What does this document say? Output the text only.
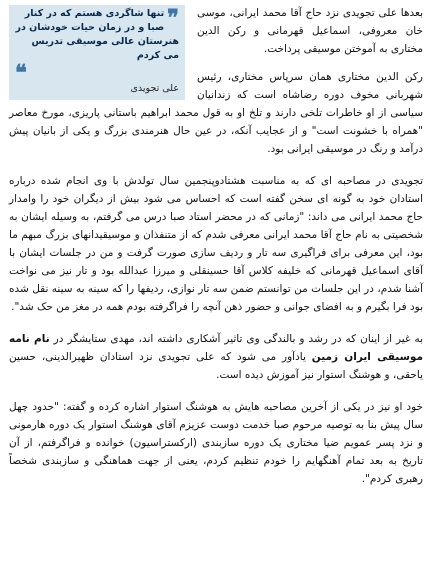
❞

تنها شاگردی هستم که در کنار صبا و در زمان حیات خودشان در هنرستان عالی موسیقی تدریس می کردم

❝
علی تجویدی

بعدها علی تجویدی نزد حاج آقا محمد ایرانی، موسی خان معروفی، اسماعیل قهرمانی و رکن الدین مختاری به آموختن موسیقی پرداخت.

رکن الدین مختاری همان سرپاس مختاری، رئیس شهربانی مخوف دوره رضاشاه است که زندانیان سیاسی از او خاطرات تلخی دارند و تلخ او به قول محمد ابراهیم باستانی پاریزی، مورخ معاصر "همراه با خشونت است" و از عجایب آنکه، در عین حال هنرمندی بزرگ و یکی از بانیان پیش درآمد و رنگ در موسیقی ایرانی بود.

تجویدی در مصاحبه ای که به مناسبت هشتادوپنجمین سال تولدش با وی انجام شده درباره استادان خود به گونه ای سخن گفته است که احساس می شود بیش از دیگران خود را وامدار حاج محمد ایرانی می داند: "زمانی که در محضر استاد صبا درس می گرفتم، به وسیله ایشان به شخصیتی به نام حاج آقا محمد ایرانی معرفی شدم که از متنفذان و موسیقیدانهای بزرگ مبهم ما بود، این معرفی برای فراگیری سه تار و ردیف سازی صورت گرفت و من در جلسات ایشان با آقای اسماعیل قهرمانی که خلیفه کلاس آقا حسینقلی و میرزا عبدالله بود و تار نیز می نواخت آشنا شدم، در این جلسات من توانستم ضمن سه تار نوازی، ردیفها را که سینه به سینه نقل شده بود فرا بگیرم و به افضای جوانی و حضور ذهن آنچه را فراگرفته بودم همه در مغز من حک شد".

به غیر از اینان که در رشد و بالندگی وی تاثیر آشکاری داشته اند، مهدی ستایشگر در نام نامه موسیقی ایران زمین یادآور می شود که علی تجویدی نزد استادان ظهیرالدینی، حسین یاحقی، و هوشنگ استوار نیز آموزش دیده است.

خود او نیز در یکی از آخرین مصاحبه هایش به هوشنگ استوار اشاره کرده و گفته: "حدود چهل سال پیش بنا به توصیه مرحوم صبا خدمت دوست عزیزم آقای هوشنگ استوار یک دوره هارمونی و نزد پسر عمویم ضیا مختاری یک دوره سازبندی (ارکستراسیون) خوانده و فراگرفتم، از آن تاریخ به بعد تمام آهنگهایم را خودم تنظیم کردم، یعنی از جهت هماهنگی و سازبندی شخصاً رهبری کردم".
